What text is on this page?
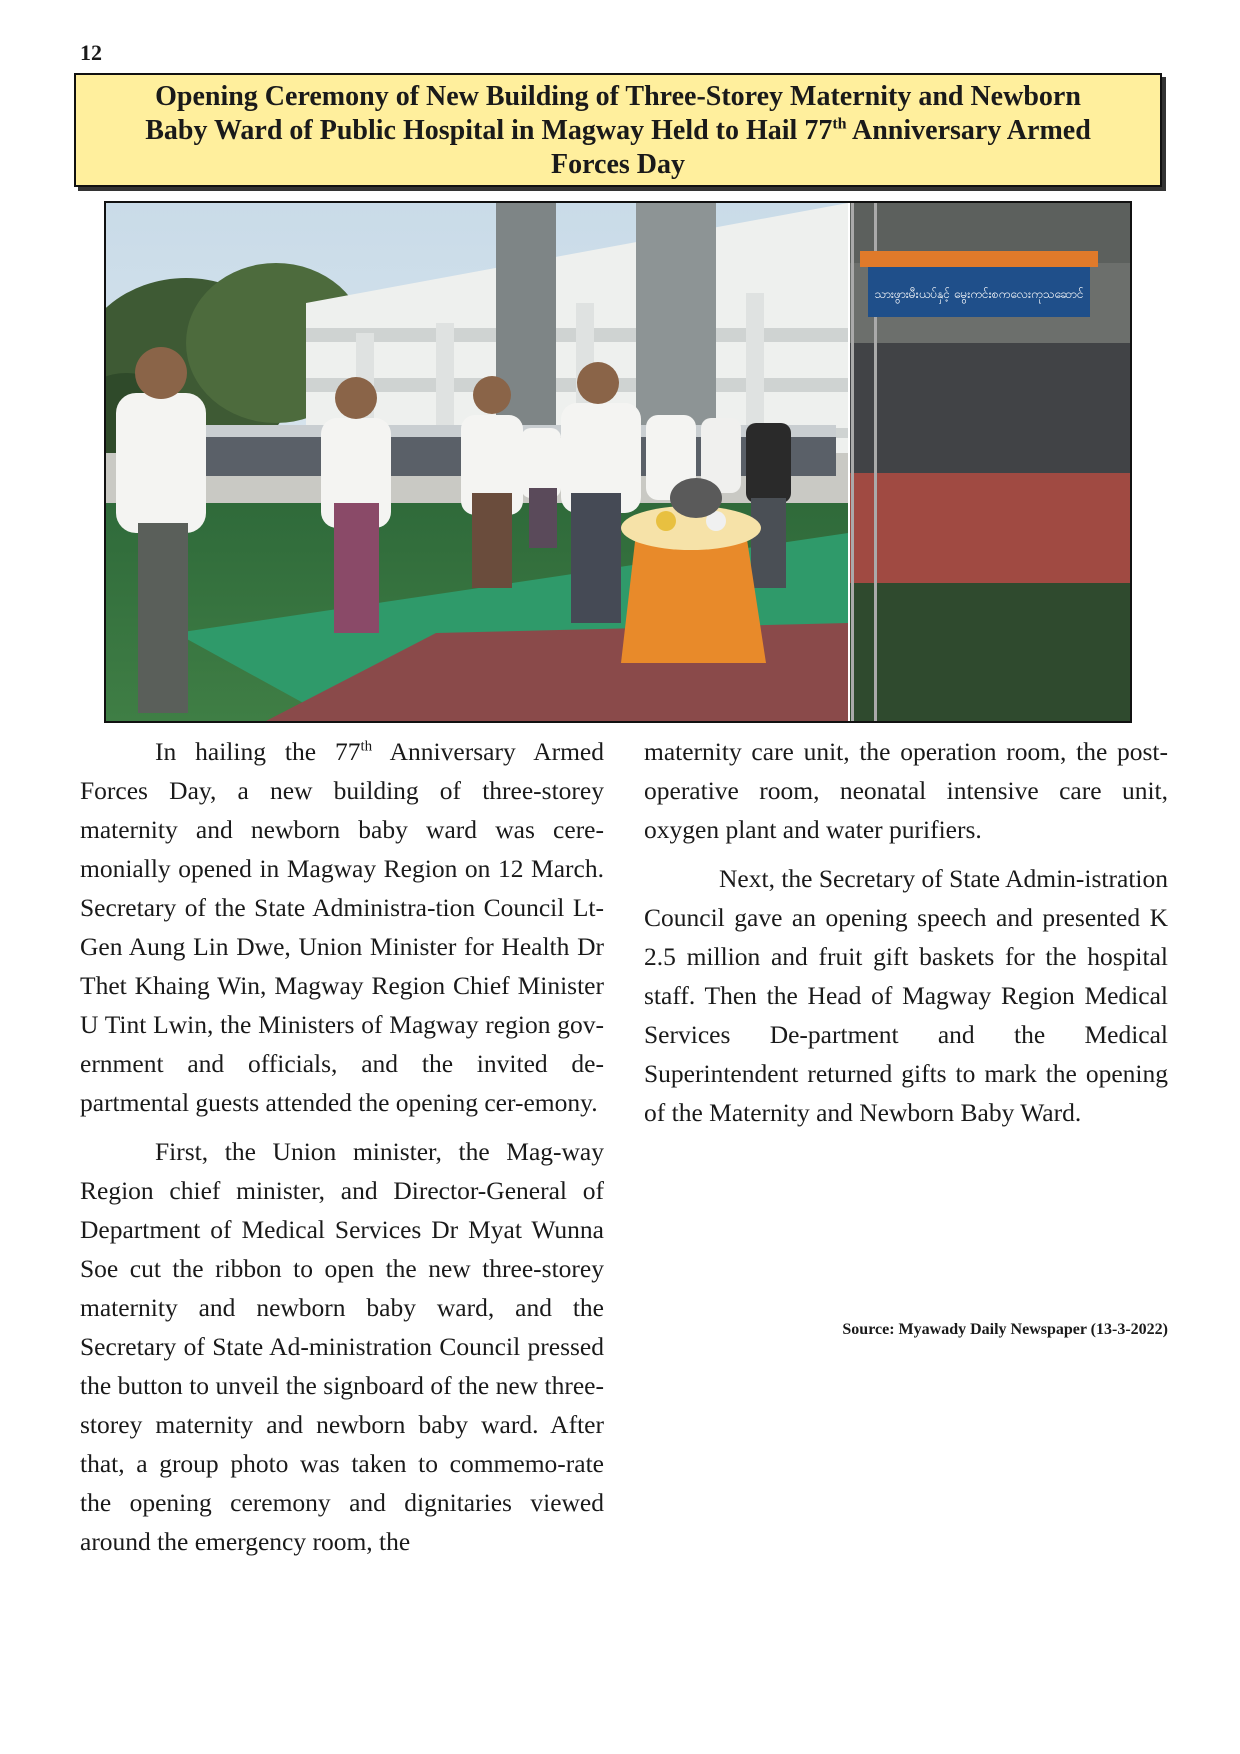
12
Opening Ceremony of New Building of Three-Storey Maternity and Newborn
Baby Ward of Public Hospital in Magway Held to Hail 77th Anniversary Armed
Forces Day
သားဖွားမီးယပ်နှင့် မွေးကင်းစကလေးကုသဆောင်

In hailing the 77th Anniversary Armed Forces Day, a new building of three-storey maternity and newborn baby ward was cere-monially opened in Magway Region on 12 March. Secretary of the State Administra-tion Council Lt-Gen Aung Lin Dwe, Union Minister for Health Dr Thet Khaing Win, Magway Region Chief Minister U Tint Lwin, the Ministers of Magway region gov-ernment and officials, and the invited de-partmental guests attended the opening cer-emony.

First, the Union minister, the Mag-way Region chief minister, and Director-General of Department of Medical Services Dr Myat Wunna Soe cut the ribbon to open the new three-storey maternity and newborn baby ward, and the Secretary of State Ad-ministration Council pressed the button to unveil the signboard of the new three-storey maternity and newborn baby ward. After that, a group photo was taken to commemo-rate the opening ceremony and dignitaries viewed around the emergency room, the

maternity care unit, the operation room, the post-operative room, neonatal intensive care unit, oxygen plant and water purifiers.

Next, the Secretary of State Admin-istration Council gave an opening speech and presented K 2.5 million and fruit gift baskets for the hospital staff. Then the Head of Magway Region Medical Services De-partment and the Medical Superintendent returned gifts to mark the opening of the Maternity and Newborn Baby Ward.

Source: Myawady Daily Newspaper (13-3-2022)
